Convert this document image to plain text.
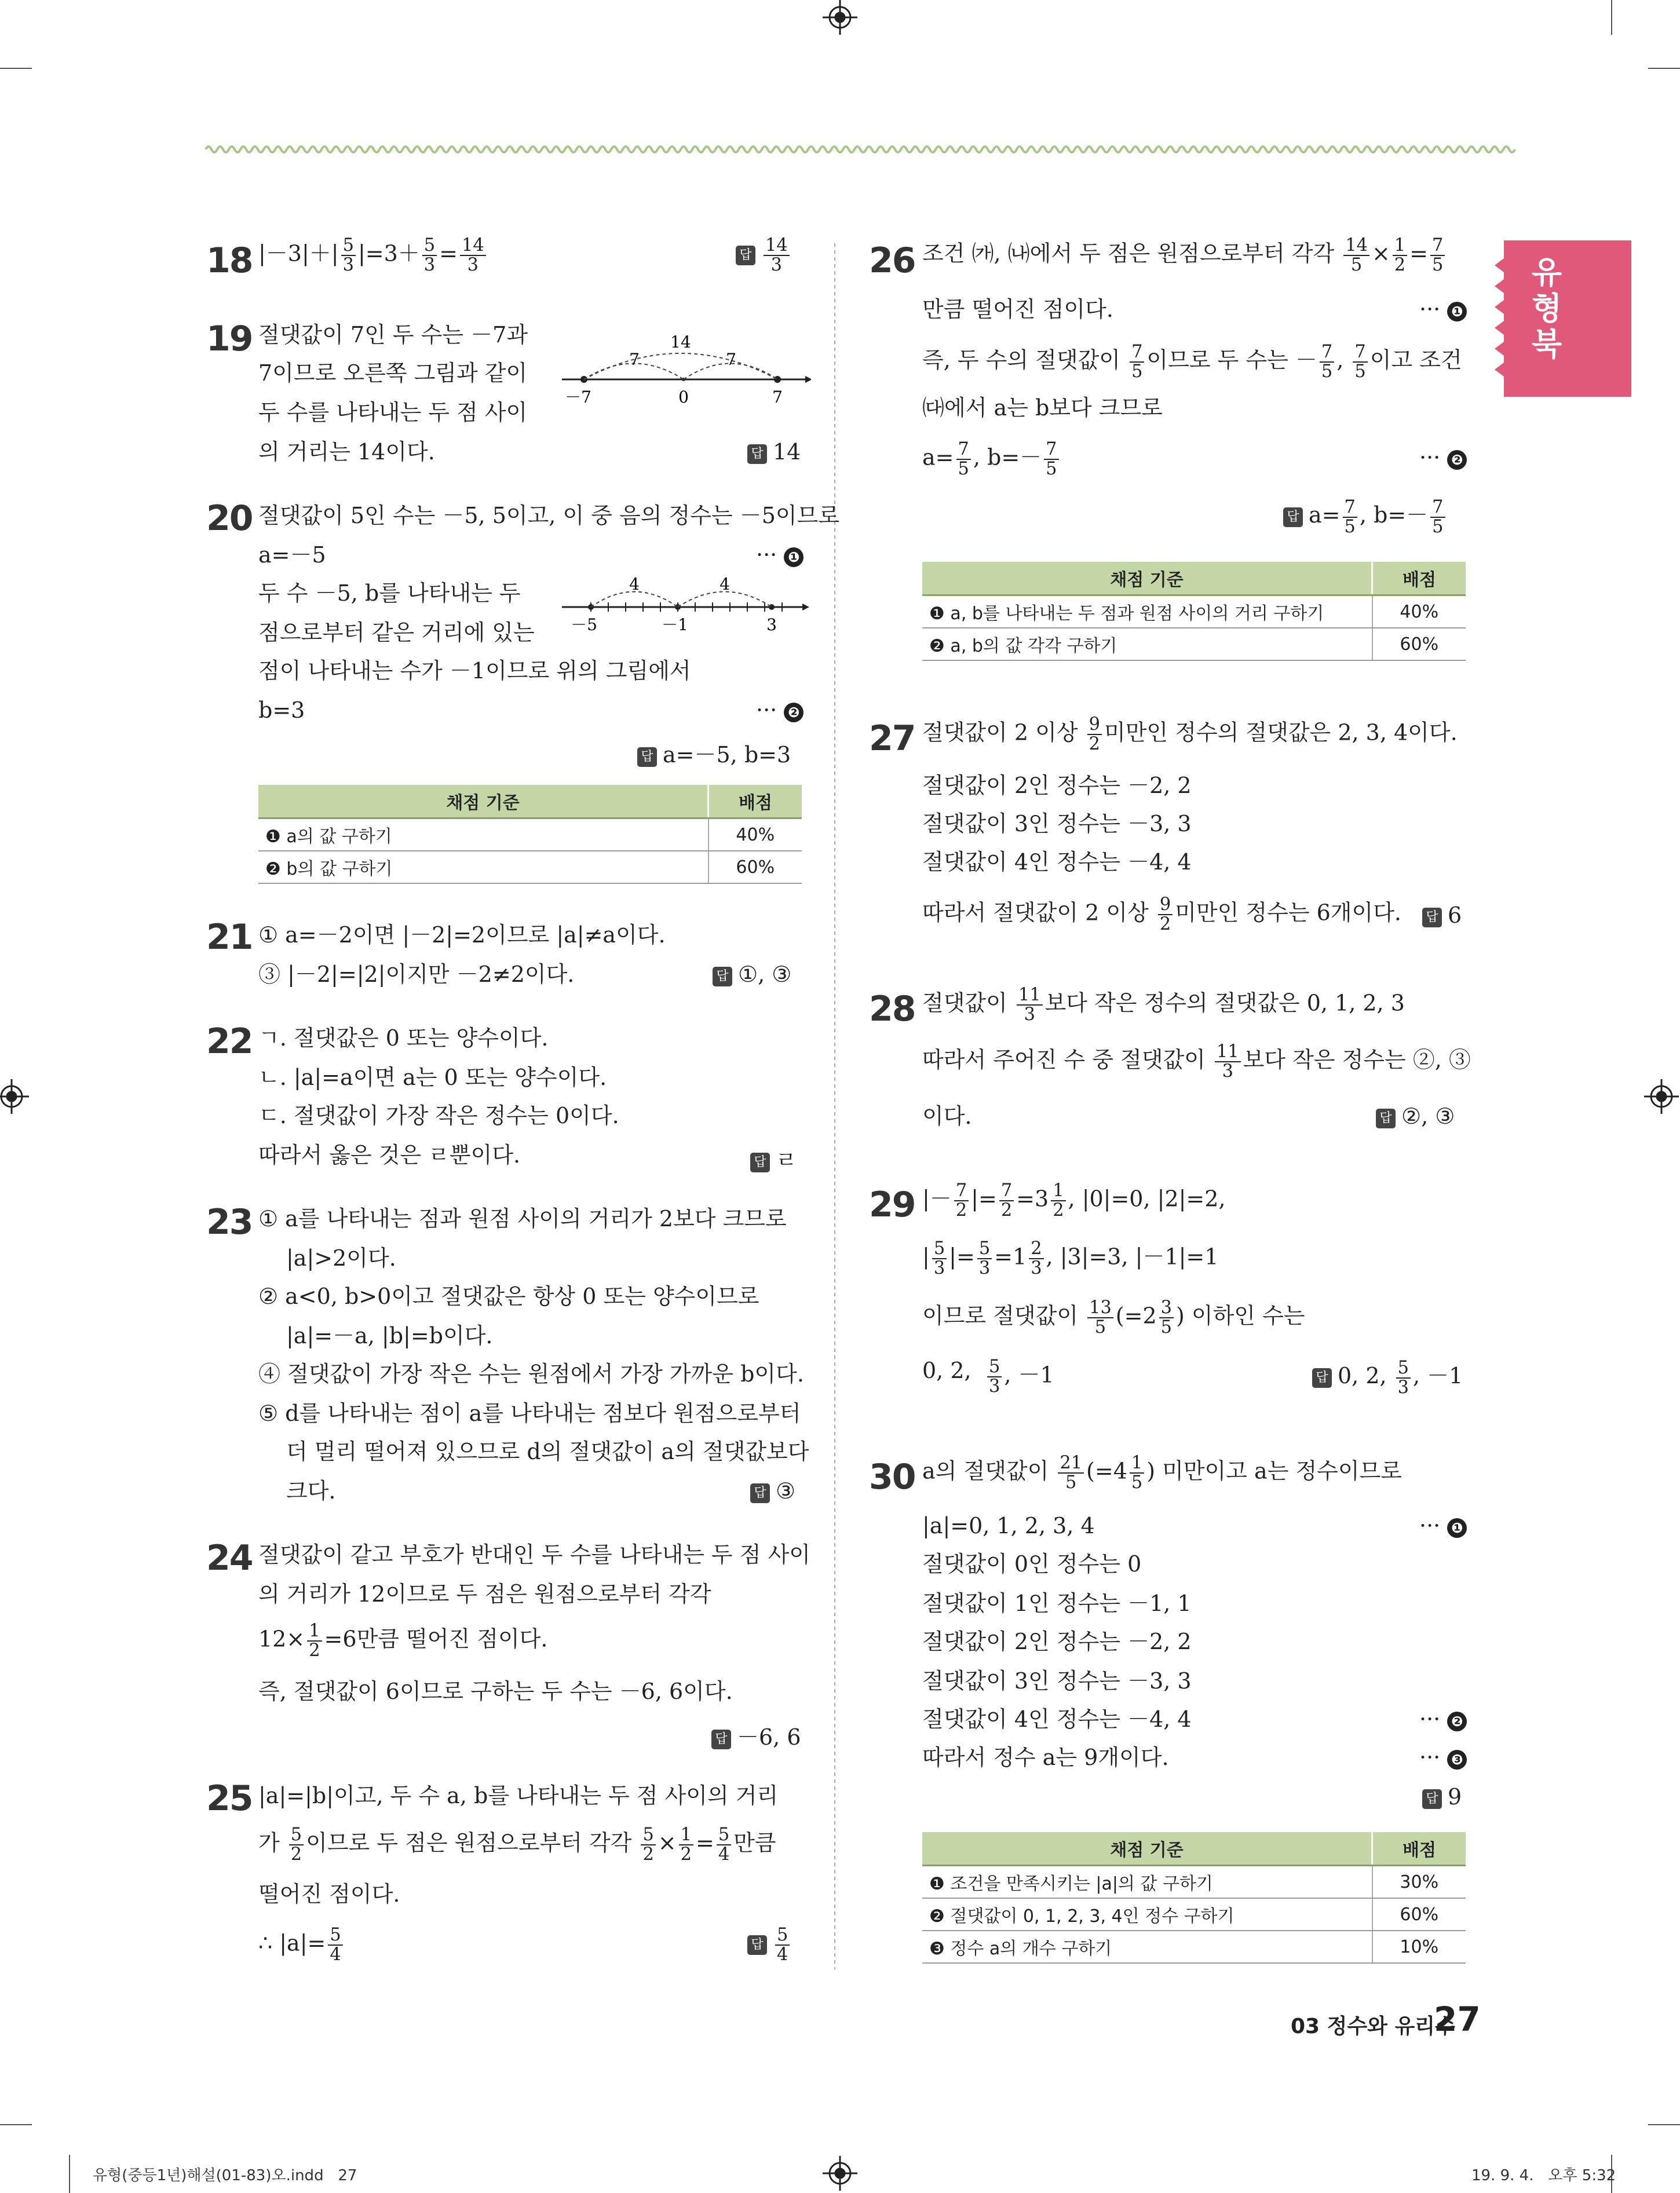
유형북
18 $|-3|+| \frac{5}{3} |=3+ \frac{5}{3} = \frac{14}{3}$	답 $\frac{14}{3}$
19 절댓값이 7인 두 수는 －7과
7이므로 오른쪽 그림과 같이
두 수를 나타내는 두 점 사이
의 거리는 14이다.	답 14
14
7	7
－7	0	7
20 절댓값이 5인 수는 －5, 5이고, 이 중 음의 정수는 －5이므로
a=－5	··· ❶
두 수 －5, b를 나타내는 두
점으로부터 같은 거리에 있는
점이 나타내는 수가 －1이므로 위의 그림에서
b=3	··· ❷
답 a=－5, b=3
4	4
－5	－1	3
채점 기준	배점
❶ a의 값 구하기	40%
❷ b의 값 구하기	60%
21 ① a=－2이면 |－2|=2이므로 |a|≠a이다.
③ |－2|=|2|이지만 －2≠2이다.	답 ①, ③
22 ㄱ. 절댓값은 0 또는 양수이다.
ㄴ. |a|=a이면 a는 0 또는 양수이다.
ㄷ. 절댓값이 가장 작은 정수는 0이다.
따라서 옳은 것은 ㄹ뿐이다.	답 ㄹ
23 ① a를 나타내는 점과 원점 사이의 거리가 2보다 크므로
|a|>2이다.
② a<0, b>0이고 절댓값은 항상 0 또는 양수이므로
|a|=－a, |b|=b이다.
④ 절댓값이 가장 작은 수는 원점에서 가장 가까운 b이다.
⑤ d를 나타내는 점이 a를 나타내는 점보다 원점으로부터
더 멀리 떨어져 있으므로 d의 절댓값이 a의 절댓값보다
크다.	답 ③
24 절댓값이 같고 부호가 반대인 두 수를 나타내는 두 점 사이
의 거리가 12이므로 두 점은 원점으로부터 각각
$12\times \frac{1}{2} =6$만큼 떨어진 점이다.
즉, 절댓값이 6이므로 구하는 두 수는 －6, 6이다.
답 －6, 6
25 |a|=|b|이고, 두 수 a, b를 나타내는 두 점 사이의 거리
가 $\frac{5}{2}$ 이므로 두 점은 원점으로부터 각각 $\frac{5}{2} \times \frac{1}{2} = \frac{5}{4}$ 만큼
떨어진 점이다.
∴ $|a|= \frac{5}{4}$	답 $\frac{5}{4}$
26 조건 ㈎, ㈏에서 두 점은 원점으로부터 각각 $\frac{14}{5} \times \frac{1}{2} = \frac{7}{5}$
만큼 떨어진 점이다.	··· ❶
즉, 두 수의 절댓값이 $\frac{7}{5}$ 이므로 두 수는 － $\frac{7}{5}$ , $\frac{7}{5}$ 이고 조건
㈐에서 a는 b보다 크므로
$a= \frac{7}{5}$ , $b=- \frac{7}{5}$	··· ❷
답 $a= \frac{7}{5}$ , $b=- \frac{7}{5}$
채점 기준	배점
❶ a, b를 나타내는 두 점과 원점 사이의 거리 구하기	40%
❷ a, b의 값 각각 구하기	60%
27 절댓값이 2 이상 $\frac{9}{2}$ 미만인 정수의 절댓값은 2, 3, 4이다.
절댓값이 2인 정수는 －2, 2
절댓값이 3인 정수는 －3, 3
절댓값이 4인 정수는 －4, 4
따라서 절댓값이 2 이상 $\frac{9}{2}$ 미만인 정수는 6개이다. 답 6
28 절댓값이 $\frac{11}{3}$ 보다 작은 정수의 절댓값은 0, 1, 2, 3
따라서 주어진 수 중 절댓값이 $\frac{11}{3}$ 보다 작은 정수는 ②, ③
이다.	답 ②, ③
29 |－ $\frac{7}{2}$ |= $\frac{7}{2} =3 \frac{1}{2}$ , |0|=0, |2|=2,
| $\frac{5}{3}$ |= $\frac{5}{3} =1 \frac{2}{3}$ , |3|=3, |－1|=1
이므로 절댓값이 $\frac{13}{5} (=2 \frac{3}{5}$ ) 이하인 수는
0, 2, $\frac{5}{3}$ , －1	답 0, 2, $\frac{5}{3}$ , －1
30 a의 절댓값이 $\frac{21}{5} (=4 \frac{1}{5}$ ) 미만이고 a는 정수이므로
|a|=0, 1, 2, 3, 4	··· ❶
절댓값이 0인 정수는 0
절댓값이 1인 정수는 －1, 1
절댓값이 2인 정수는 －2, 2
절댓값이 3인 정수는 －3, 3
절댓값이 4인 정수는 －4, 4	··· ❷
따라서 정수 a는 9개이다.	··· ❸
답 9
채점 기준	배점
❶ 조건을 만족시키는 |a|의 값 구하기	30%
❷ 절댓값이 0, 1, 2, 3, 4인 정수 구하기	60%
❸ 정수 a의 개수 구하기	10%
03 정수와 유리수
27
유형(중등1년)해설(01-83)오.indd   27	19. 9. 4.   오후 5:32
